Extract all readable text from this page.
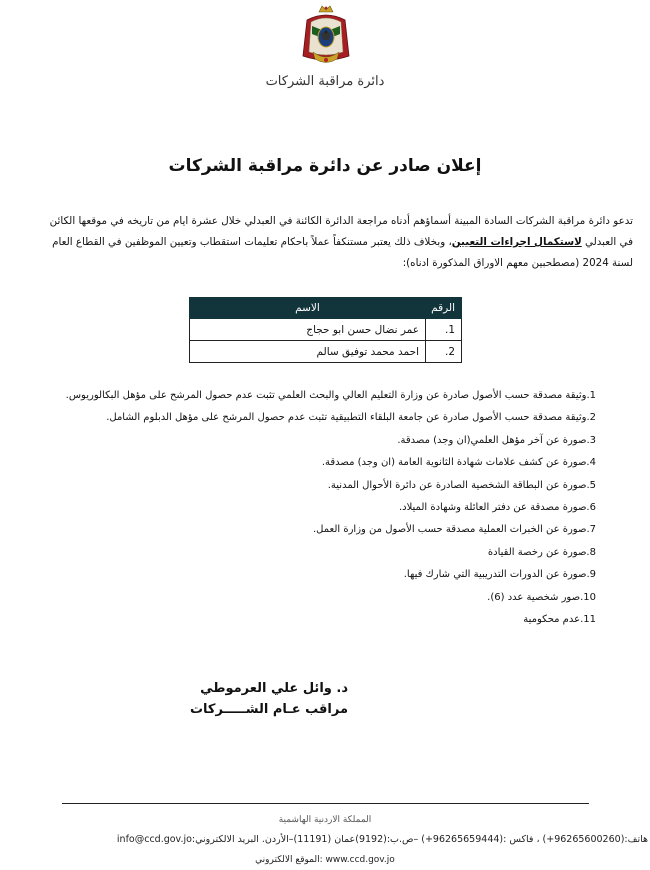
دائرة مراقبة الشركات
إعلان صادر عن دائرة مراقبة الشركات

تدعو دائرة مراقبة الشركات السادة المبينة أسماؤهم أدناه مراجعة الدائرة الكائنة في العبدلي خلال عشرة ايام من تاريخه في موقعها الكائن في العبدلي لاستكمال اجراءات التعيين، وبخلاف ذلك يعتبر مستنكفاً عملاً باحكام تعليمات استقطاب وتعيين الموظفين في القطاع العام لسنة 2024 (مصطحبين معهم الاوراق المذكورة ادناه):

الرقم	الاسم
1.	عمر نضال حسن ابو حجاج
2.	احمد محمد توفيق سالم
1.وثيقة مصدقة حسب الأصول صادرة عن وزارة التعليم العالي والبحث العلمي تثبت عدم حصول المرشح على مؤهل البكالوريوس.
2.وثيقة مصدقة حسب الأصول صادرة عن جامعة البلقاء التطبيقية تثبت عدم حصول المرشح على مؤهل الدبلوم الشامل.
3.صورة عن آخر مؤهل العلمي(ان وجد) مصدقة.
4.صورة عن كشف علامات شهادة الثانوية العامة (ان وجد) مصدقة.
5.صورة عن البطاقة الشخصية الصادرة عن دائرة الأحوال المدنية.
6.صورة مصدقة عن دفتر العائلة وشهادة الميلاد.
7.صورة عن الخبرات العملية مصدقة حسب الأصول من وزارة العمل.
8.صورة عن رخصة القيادة
9.صورة عن الدورات التدريبية التي شارك فيها.
10.صور شخصية عدد (6).
11.عدم محكومية
د. وائل علي العرموطي
مراقب عـام الشـــــركات
المملكة الاردنية الهاشمية
هاتف:(96265600260+) ، فاكس :(96265659444+) –ص.ب:(9192)عمان (11191)–الأردن. البريد الالكتروني:info@ccd.gov.jo
www.ccd.gov.jo :الموقع الالكتروني
